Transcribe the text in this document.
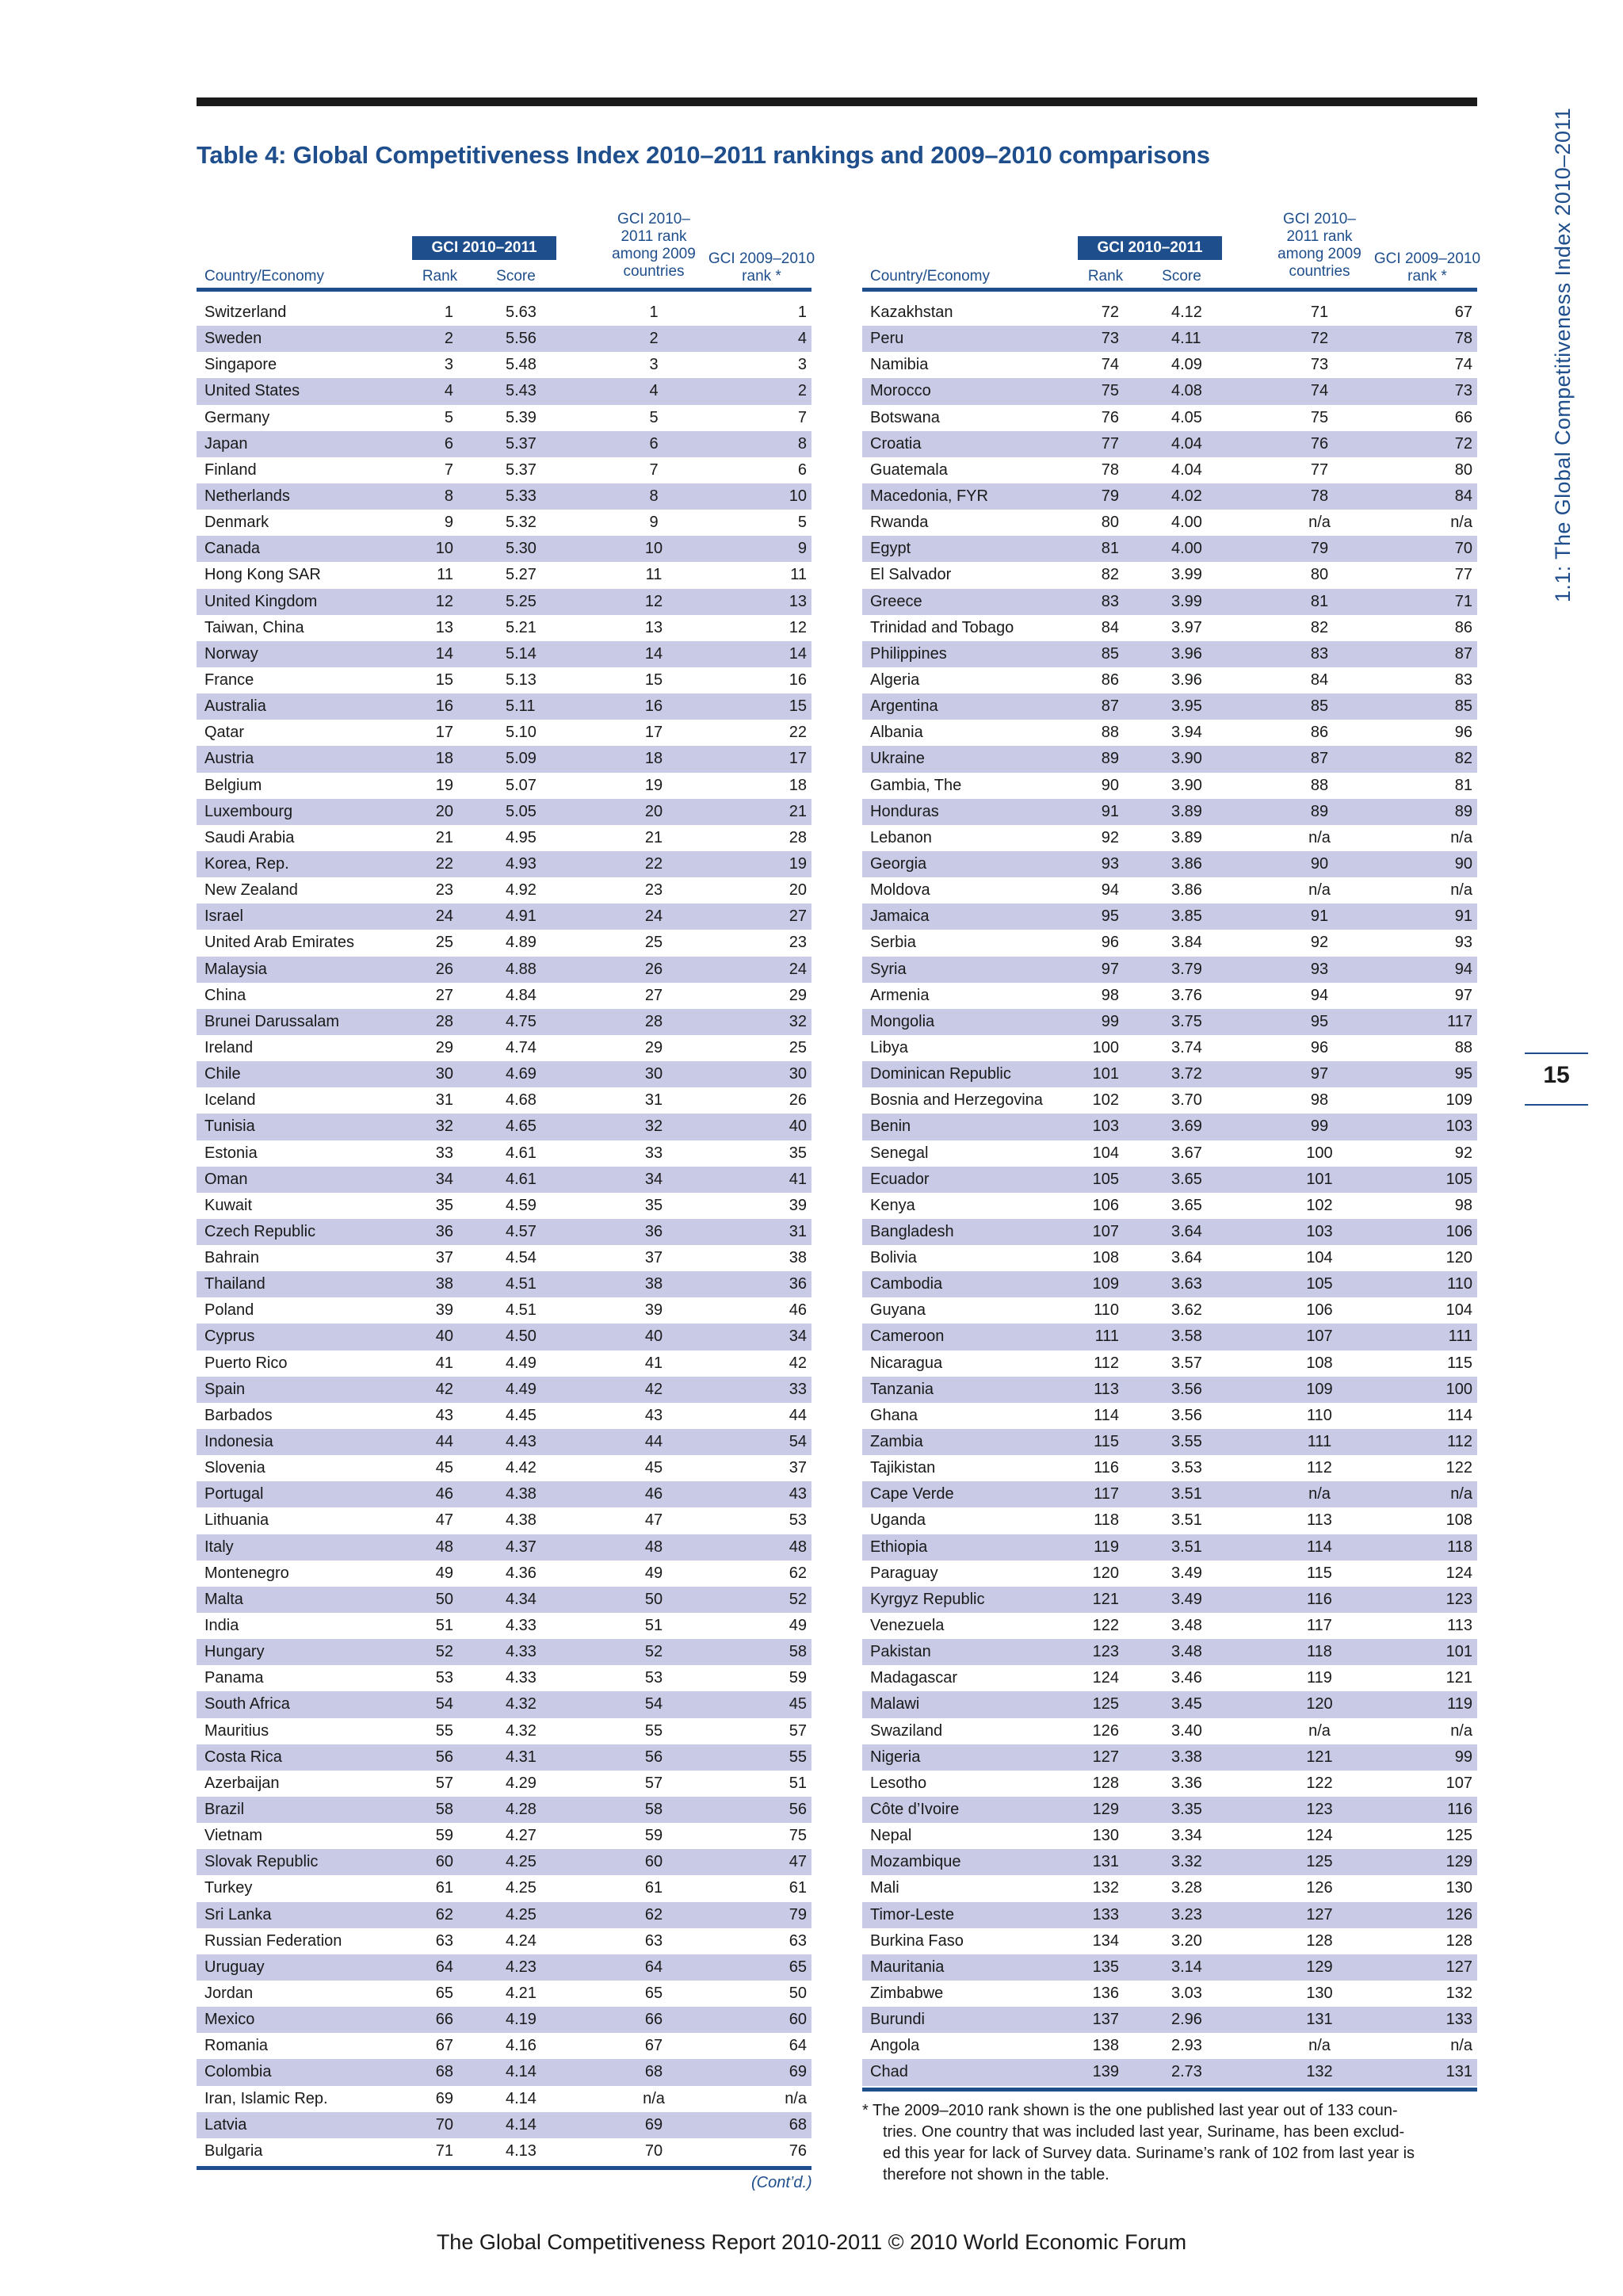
Table 4: Global Competitiveness Index 2010–2011 rankings and 2009–2010 comparisons	1.1: The Global Competitiveness Index 2010–2011
15
GCI 2010–2011
Country/Economy	Rank	Score
GCI 2010–
2011 rank
among 2009
countries
GCI 2009–2010
rank *
Switzerland	1	5.63	1	1
Sweden	2	5.56	2	4
Singapore	3	5.48	3	3
United States	4	5.43	4	2
Germany	5	5.39	5	7
Japan	6	5.37	6	8
Finland	7	5.37	7	6
Netherlands	8	5.33	8	10
Denmark	9	5.32	9	5
Canada	10	5.30	10	9
Hong Kong SAR	11	5.27	11	11
United Kingdom	12	5.25	12	13
Taiwan, China	13	5.21	13	12
Norway	14	5.14	14	14
France	15	5.13	15	16
Australia	16	5.11	16	15
Qatar	17	5.10	17	22
Austria	18	5.09	18	17
Belgium	19	5.07	19	18
Luxembourg	20	5.05	20	21
Saudi Arabia	21	4.95	21	28
Korea, Rep.	22	4.93	22	19
New Zealand	23	4.92	23	20
Israel	24	4.91	24	27
United Arab Emirates	25	4.89	25	23
Malaysia	26	4.88	26	24
China	27	4.84	27	29
Brunei Darussalam	28	4.75	28	32
Ireland	29	4.74	29	25
Chile	30	4.69	30	30
Iceland	31	4.68	31	26
Tunisia	32	4.65	32	40
Estonia	33	4.61	33	35
Oman	34	4.61	34	41
Kuwait	35	4.59	35	39
Czech Republic	36	4.57	36	31
Bahrain	37	4.54	37	38
Thailand	38	4.51	38	36
Poland	39	4.51	39	46
Cyprus	40	4.50	40	34
Puerto Rico	41	4.49	41	42
Spain	42	4.49	42	33
Barbados	43	4.45	43	44
Indonesia	44	4.43	44	54
Slovenia	45	4.42	45	37
Portugal	46	4.38	46	43
Lithuania	47	4.38	47	53
Italy	48	4.37	48	48
Montenegro	49	4.36	49	62
Malta	50	4.34	50	52
India	51	4.33	51	49
Hungary	52	4.33	52	58
Panama	53	4.33	53	59
South Africa	54	4.32	54	45
Mauritius	55	4.32	55	57
Costa Rica	56	4.31	56	55
Azerbaijan	57	4.29	57	51
Brazil	58	4.28	58	56
Vietnam	59	4.27	59	75
Slovak Republic	60	4.25	60	47
Turkey	61	4.25	61	61
Sri Lanka	62	4.25	62	79
Russian Federation	63	4.24	63	63
Uruguay	64	4.23	64	65
Jordan	65	4.21	65	50
Mexico	66	4.19	66	60
Romania	67	4.16	67	64
Colombia	68	4.14	68	69
Iran, Islamic Rep.	69	4.14	n/a	n/a
Latvia	70	4.14	69	68
Bulgaria	71	4.13	70	76
GCI 2010–2011
Country/Economy	Rank	Score
GCI 2010–
2011 rank
among 2009
countries
GCI 2009–2010
rank *
Kazakhstan	72	4.12	71	67
Peru	73	4.11	72	78
Namibia	74	4.09	73	74
Morocco	75	4.08	74	73
Botswana	76	4.05	75	66
Croatia	77	4.04	76	72
Guatemala	78	4.04	77	80
Macedonia, FYR	79	4.02	78	84
Rwanda	80	4.00	n/a	n/a
Egypt	81	4.00	79	70
El Salvador	82	3.99	80	77
Greece	83	3.99	81	71
Trinidad and Tobago	84	3.97	82	86
Philippines	85	3.96	83	87
Algeria	86	3.96	84	83
Argentina	87	3.95	85	85
Albania	88	3.94	86	96
Ukraine	89	3.90	87	82
Gambia, The	90	3.90	88	81
Honduras	91	3.89	89	89
Lebanon	92	3.89	n/a	n/a
Georgia	93	3.86	90	90
Moldova	94	3.86	n/a	n/a
Jamaica	95	3.85	91	91
Serbia	96	3.84	92	93
Syria	97	3.79	93	94
Armenia	98	3.76	94	97
Mongolia	99	3.75	95	117
Libya	100	3.74	96	88
Dominican Republic	101	3.72	97	95
Bosnia and Herzegovina	102	3.70	98	109
Benin	103	3.69	99	103
Senegal	104	3.67	100	92
Ecuador	105	3.65	101	105
Kenya	106	3.65	102	98
Bangladesh	107	3.64	103	106
Bolivia	108	3.64	104	120
Cambodia	109	3.63	105	110
Guyana	110	3.62	106	104
Cameroon	111	3.58	107	111
Nicaragua	112	3.57	108	115
Tanzania	113	3.56	109	100
Ghana	114	3.56	110	114
Zambia	115	3.55	111	112
Tajikistan	116	3.53	112	122
Cape Verde	117	3.51	n/a	n/a
Uganda	118	3.51	113	108
Ethiopia	119	3.51	114	118
Paraguay	120	3.49	115	124
Kyrgyz Republic	121	3.49	116	123
Venezuela	122	3.48	117	113
Pakistan	123	3.48	118	101
Madagascar	124	3.46	119	121
Malawi	125	3.45	120	119
Swaziland	126	3.40	n/a	n/a
Nigeria	127	3.38	121	99
Lesotho	128	3.36	122	107
Côte d’Ivoire	129	3.35	123	116
Nepal	130	3.34	124	125
Mozambique	131	3.32	125	129
Mali	132	3.28	126	130
Timor-Leste	133	3.23	127	126
Burkina Faso	134	3.20	128	128
Mauritania	135	3.14	129	127
Zimbabwe	136	3.03	130	132
Burundi	137	2.96	131	133
Angola	138	2.93	n/a	n/a
Chad	139	2.73	132	131
(Cont’d.)
* The 2009–2010 rank shown is the one published last year out of 133 coun-
tries. One country that was included last year, Suriname, has been exclud-
ed this year for lack of Survey data. Suriname’s rank of 102 from last year is
therefore not shown in the table.
The Global Competitiveness Report 2010-2011 © 2010 World Economic Forum
